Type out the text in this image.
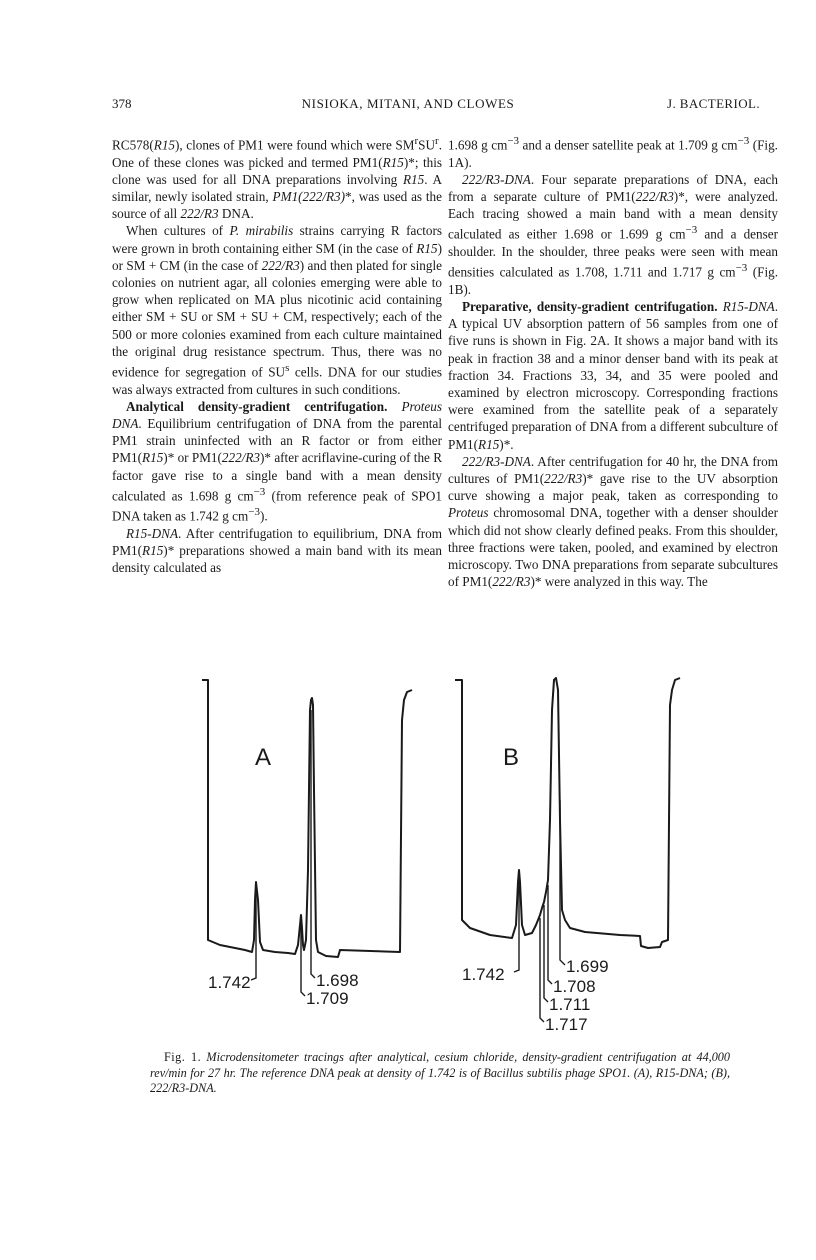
378	NISIOKA, MITANI, AND CLOWES	J. BACTERIOL.

RC578(R15), clones of PM1 were found which were $SM^rSU^r$. One of these clones was picked and termed PM1(R15)*; this clone was used for all DNA preparations involving R15. A similar, newly isolated strain, PM1(222/R3)*, was used as the source of all 222/R3 DNA.

When cultures of P. mirabilis strains carrying R factors were grown in broth containing either SM (in the case of R15) or SM + CM (in the case of 222/R3) and then plated for single colonies on nutrient agar, all colonies emerging were able to grow when replicated on MA plus nicotinic acid containing either SM + SU or SM + SU + CM, respectively; each of the 500 or more colonies examined from each culture maintained the original drug resistance spectrum. Thus, there was no evidence for segregation of $SU^s$ cells. DNA for our studies was always extracted from cultures in such conditions.

Analytical density-gradient centrifugation. Proteus DNA. Equilibrium centrifugation of DNA from the parental PM1 strain uninfected with an R factor or from either PM1(R15)* or PM1(222/R3)* after acriflavine-curing of the R factor gave rise to a single band with a mean density calculated as 1.698 g $cm^{-3}$ (from reference peak of SPO1 DNA taken as 1.742 g $cm^{-3}$).

R15-DNA. After centrifugation to equilibrium, DNA from PM1(R15)* preparations showed a main band with its mean density calculated as

1.698 g $cm^{-3}$ and a denser satellite peak at 1.709 g $cm^{-3}$ (Fig. 1A).

222/R3-DNA. Four separate preparations of DNA, each from a separate culture of PM1(222/R3)*, were analyzed. Each tracing showed a main band with a mean density calculated as either 1.698 or 1.699 g $cm^{-3}$ and a denser shoulder. In the shoulder, three peaks were seen with mean densities calculated as 1.708, 1.711 and 1.717 g $cm^{-3}$ (Fig. 1B).

Preparative, density-gradient centrifugation. R15-DNA. A typical UV absorption pattern of 56 samples from one of five runs is shown in Fig. 2A. It shows a major band with its peak in fraction 38 and a minor denser band with its peak at fraction 34. Fractions 33, 34, and 35 were pooled and examined by electron microscopy. Corresponding fractions were examined from the satellite peak of a separately centrifuged preparation of DNA from a different subculture of PM1(R15)*.

222/R3-DNA. After centrifugation for 40 hr, the DNA from cultures of PM1(222/R3)* gave rise to the UV absorption curve showing a major peak, taken as corresponding to Proteus chromosomal DNA, together with a denser shoulder which did not show clearly defined peaks. From this shoulder, three fractions were taken, pooled, and examined by electron microscopy. Two DNA preparations from separate subcultures of PM1(222/R3)* were analyzed in this way. The

A	B
1.742	1.698
1.709
1.742	1.699
1.708
1.711
1.717
Fig. 1. Microdensitometer tracings after analytical, cesium chloride, density-gradient centrifugation at 44,000 rev/min for 27 hr. The reference DNA peak at density of 1.742 is of Bacillus subtilis phage SPO1. (A), R15-DNA; (B), 222/R3-DNA.
